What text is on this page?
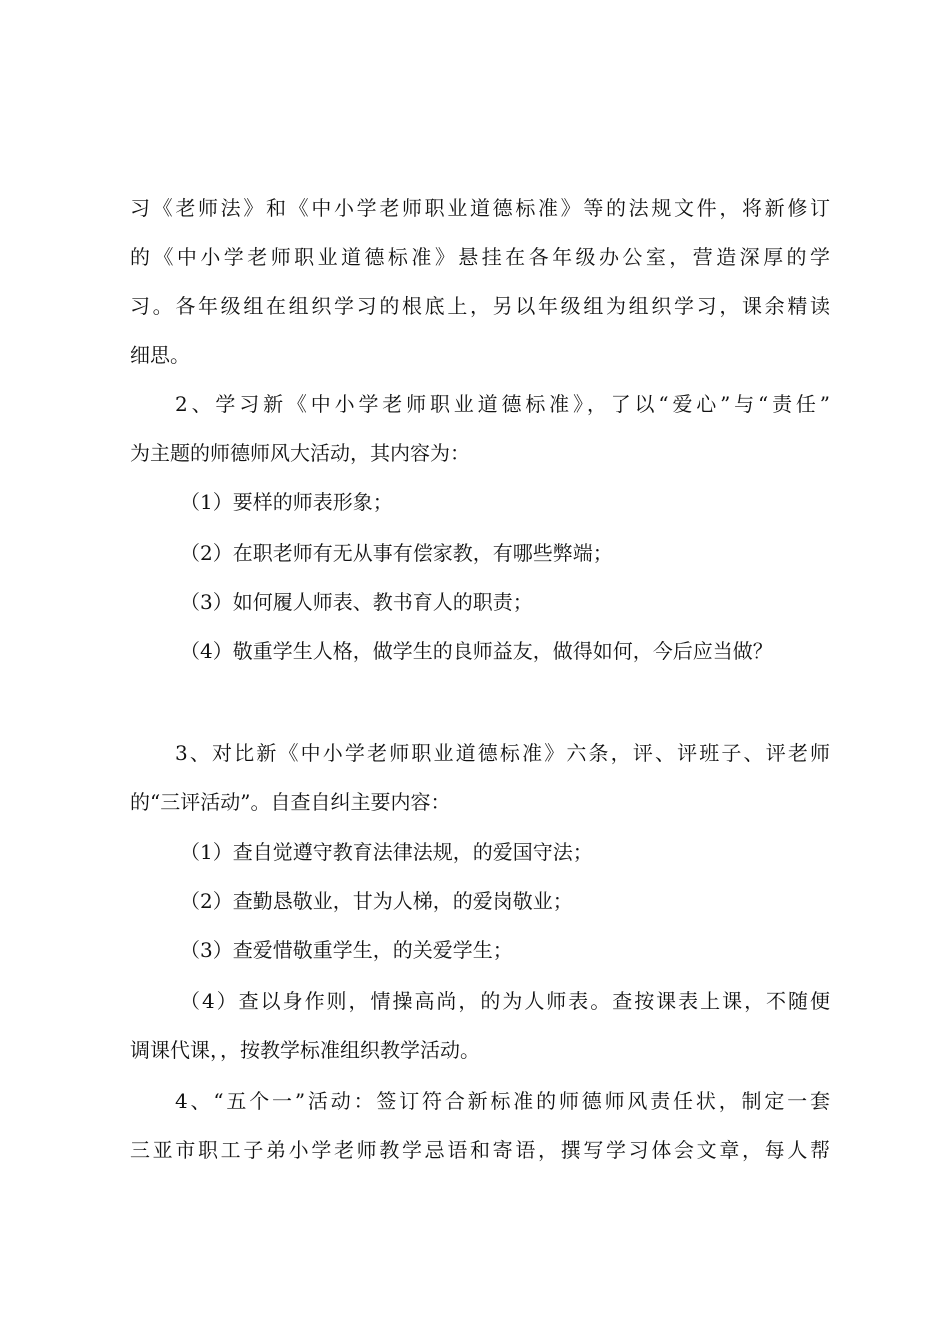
习《老师法》和《中小学老师职业道德标准》等的法规文件，将新修订
的《中小学老师职业道德标准》悬挂在各年级办公室，营造深厚的学
习。各年级组在组织学习的根底上，另以年级组为组织学习，课余精读
细思。
2、学习新《中小学老师职业道德标准》，了以“爱心”与“责任”
为主题的师德师风大活动，其内容为：
（1）要样的师表形象；
（2）在职老师有无从事有偿家教，有哪些弊端；
（3）如何履人师表、教书育人的职责；
（4）敬重学生人格，做学生的良师益友，做得如何，今后应当做？
3、对比新《中小学老师职业道德标准》六条，评、评班子、评老师
的“三评活动”。自查自纠主要内容：
（1）查自觉遵守教育法律法规，的爱国守法；
（2）查勤恳敬业，甘为人梯，的爱岗敬业；
（3）查爱惜敬重学生，的关爱学生；
（4）查以身作则，情操高尚，的为人师表。查按课表上课，不随便
调课代课，，按教学标准组织教学活动。
4、“五个一”活动：签订符合新标准的师德师风责任状，制定一套
三亚市职工子弟小学老师教学忌语和寄语，撰写学习体会文章，每人帮
